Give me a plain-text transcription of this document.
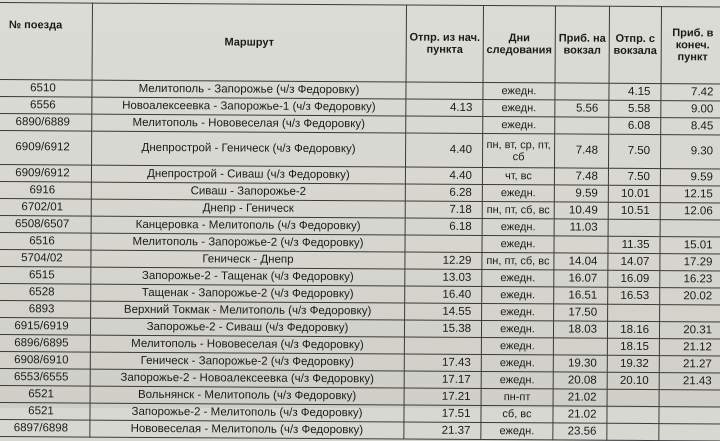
№ поезда	Маршрут	Отпр. из нач. пункта	Дни следования	Приб. на вокзал	Отпр. с вокзала	Приб. в конеч. пункт
6510	Мелитополь - Запорожье (ч/з Федоровку)		ежедн.		4.15	7.42
6556	Новоалексеевка - Запорожье-1 (ч/з Федоровку)	4.13	ежедн.	5.56	5.58	9.00
6890/6889	Мелитополь - Нововеселая (ч/з Федоровку)		ежедн.		6.08	8.45
6909/6912	Днепрострой - Геническ (ч/з Федоровку)	4.40	пн, вт, ср, пт, сб	7.48	7.50	9.30
6909/6912	Днепрострой - Сиваш (ч/з Федоровку)	4.40	чт, вс	7.48	7.50	9.59
6916	Сиваш - Запорожье-2	6.28	ежедн.	9.59	10.01	12.15
6702/01	Днепр - Геническ	7.18	пн, пт, сб, вс	10.49	10.51	12.06
6508/6507	Канцеровка - Мелитополь (ч/з Федоровку)	6.18	ежедн.	11.03		
6516	Мелитополь - Запорожье-2 (ч/з Федоровку)		ежедн.		11.35	15.01
5704/02	Геническ - Днепр	12.29	пн, пт, сб, вс	14.04	14.07	17.29
6515	Запорожье-2 - Тащенак (ч/з Федоровку)	13.03	ежедн.	16.07	16.09	16.23
6528	Тащенак - Запорожье-2 (ч/з Федоровку)	16.40	ежедн.	16.51	16.53	20.02
6893	Верхний Токмак - Мелитополь (ч/з Федоровку)	14.55	ежедн.	17.50		
6915/6919	Запорожье-2 - Сиваш (ч/з Федоровку)	15.38	ежедн.	18.03	18.16	20.31
6896/6895	Мелитополь - Нововеселая (ч/з Федоровку)		ежедн.		18.15	21.12
6908/6910	Геническ - Запорожье-2 (ч/з Федоровку)	17.43	ежедн.	19.30	19.32	21.27
6553/6555	Запорожье-2 - Новоалексеевка (ч/з Федоровку)	17.17	ежедн.	20.08	20.10	21.43
6521	Вольнянск - Мелитополь (ч/з Федоровку)	17.21	пн-пт	21.02		
6521	Запорожье-2 - Мелитополь (ч/з Федоровку)	17.51	сб, вс	21.02		
6897/6898	Нововеселая - Мелитополь (ч/з Федоровку)	21.37	ежедн.	23.56		
